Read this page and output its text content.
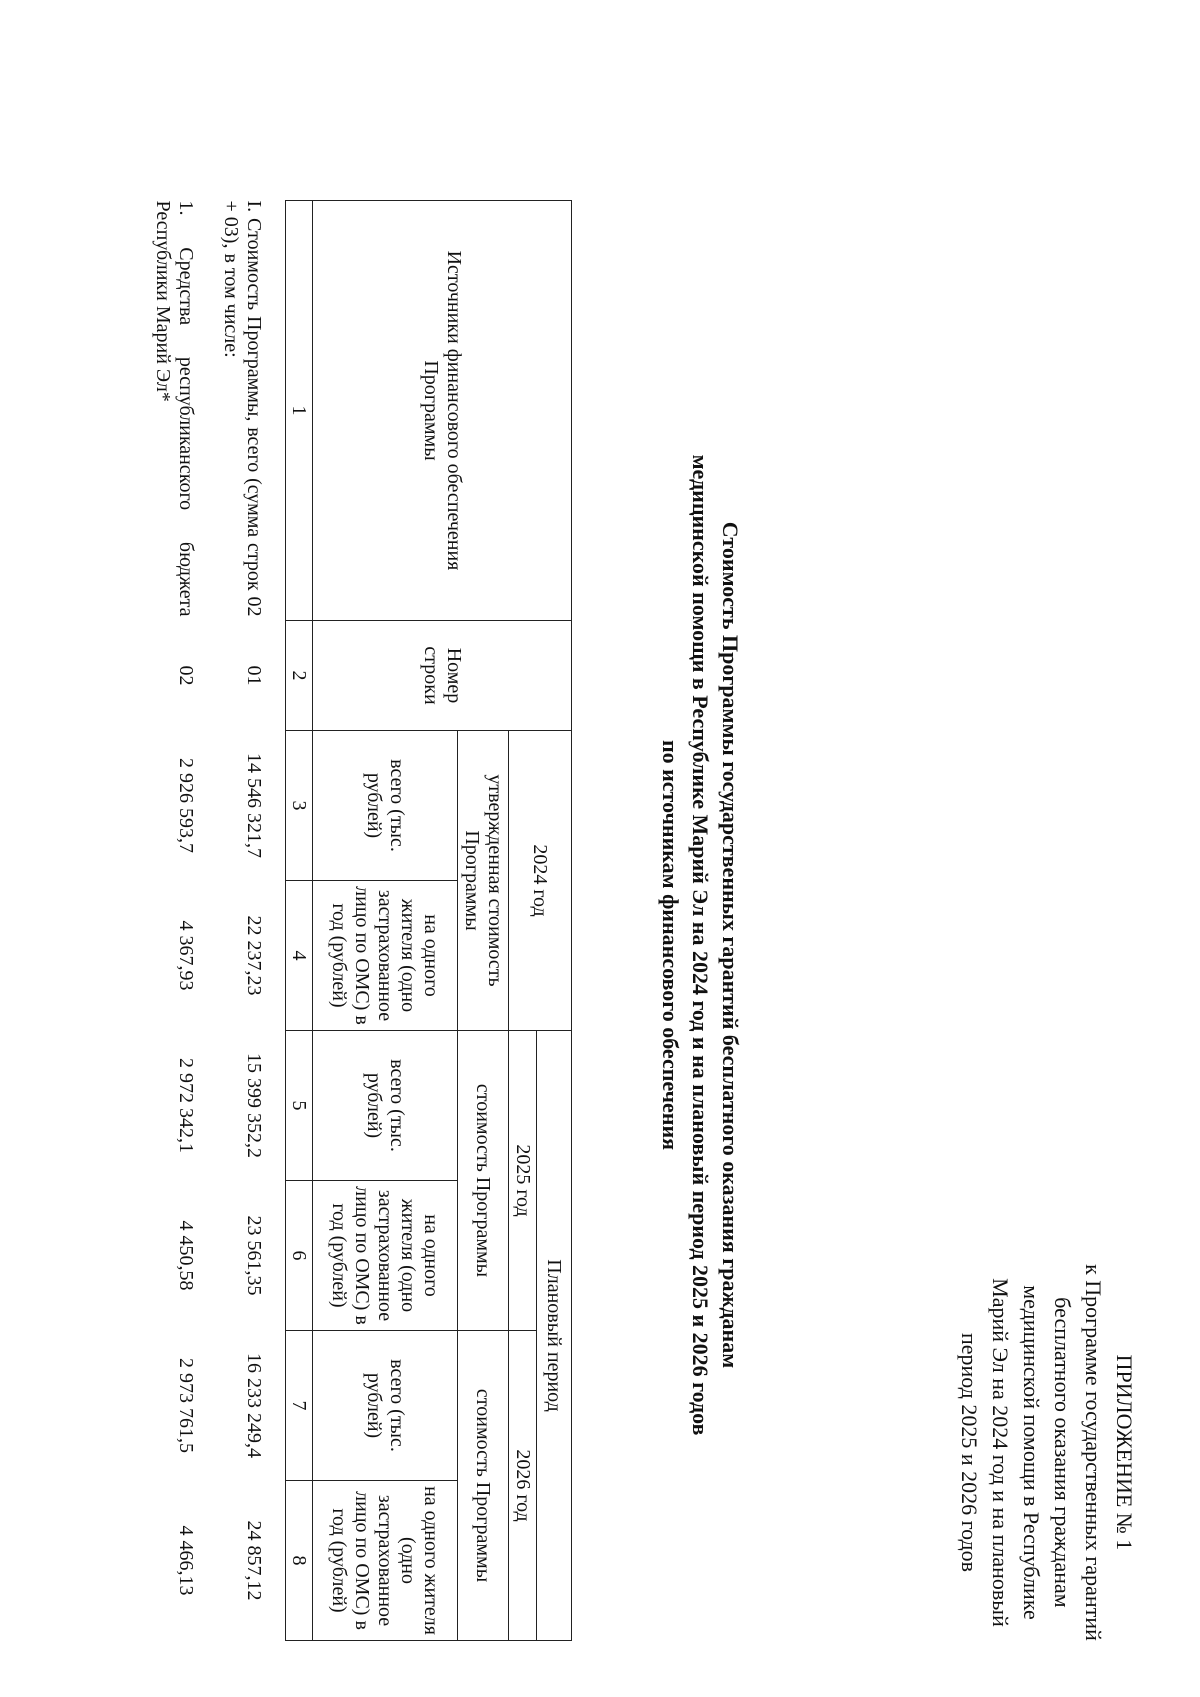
ПРИЛОЖЕНИЕ № 1
к Программе государственных гарантий
бесплатного оказания гражданам
медицинской помощи в Республике
Марий Эл на 2024 год и на плановый
период 2025 и 2026 годов
Стоимость Программы государственных гарантий бесплатного оказания гражданам
медицинской помощи в Республике Марий Эл на 2024 год и на плановый период 2025 и 2026 годов
по источникам финансового обеспечения
Источники финансового обеспечения Программы	Номер строки	2024 год		Плановый период			
				2025 год		2026 год	
		утвержденная стоимость Программы		стоимость Программы		стоимость Программы	
		всего (тыс. рублей)	на одного жителя (одно застрахованное лицо по ОМС) в год (рублей)	всего (тыс. рублей)	на одного жителя (одно застрахованное лицо по ОМС) в год (рублей)	всего (тыс. рублей)	на одного жителя (одно застрахованное лицо по ОМС) в год (рублей)
1	2	3	4	5	6	7	8
I. Стоимость Программы, всего (сумма строк 02 + 03), в том числе:	01	14 546 321,7	22 237,23	15 399 352,2	23 561,35	16 233 249,4	24 857,12
1. Средства республиканского бюджета Республики Марий Эл*	02	2 926 593,7	4 367,93	2 972 342,1	4 450,58	2 973 761,5	4 466,13
